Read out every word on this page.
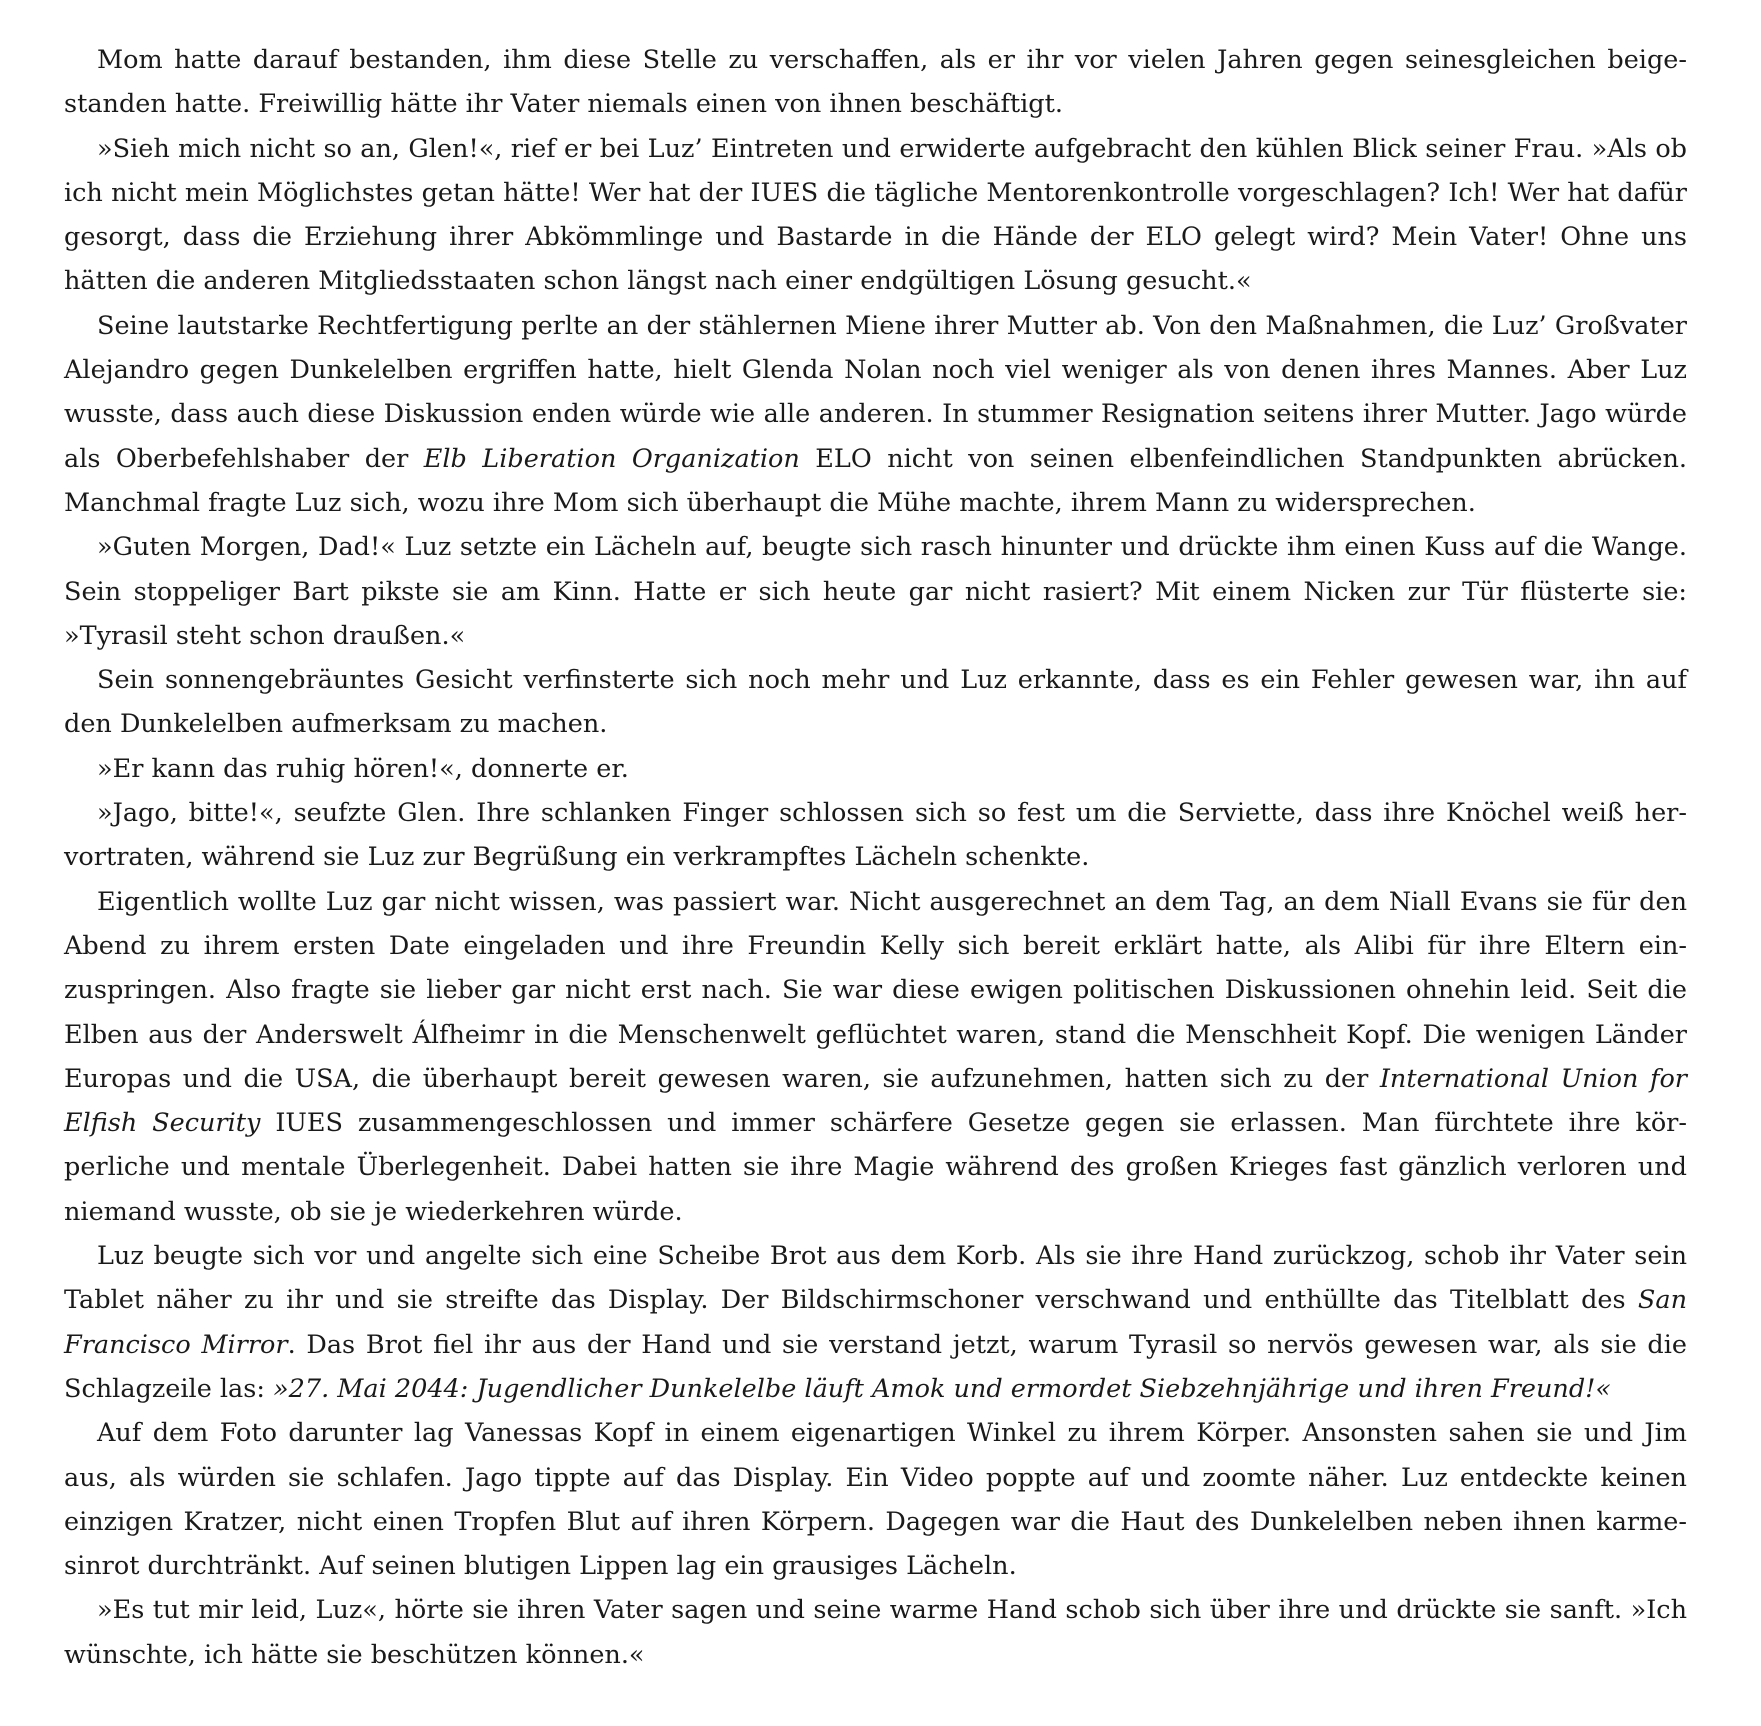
Mom hatte darauf bestanden, ihm diese Stelle zu verschaffen, als er ihr vor vielen Jahren gegen seinesgleichen beigestanden hatte. Freiwillig hätte ihr Vater niemals einen von ihnen beschäftigt.

»Sieh mich nicht so an, Glen!«, rief er bei Luz’ Eintreten und erwiderte aufgebracht den kühlen Blick seiner Frau. »Als ob ich nicht mein Möglichstes getan hätte! Wer hat der IUES die tägliche Mentorenkontrolle vorgeschlagen? Ich! Wer hat dafür gesorgt, dass die Erziehung ihrer Abkömmlinge und Bastarde in die Hände der ELO gelegt wird? Mein Vater! Ohne uns hätten die anderen Mitgliedsstaaten schon längst nach einer endgültigen Lösung gesucht.«

Seine lautstarke Rechtfertigung perlte an der stählernen Miene ihrer Mutter ab. Von den Maßnahmen, die Luz’ Großvater Alejandro gegen Dunkelelben ergriffen hatte, hielt Glenda Nolan noch viel weniger als von denen ihres Mannes. Aber Luz wusste, dass auch diese Diskussion enden würde wie alle anderen. In stummer Resignation seitens ihrer Mutter. Jago würde als Oberbefehlshaber der Elb Liberation Organization ELO nicht von seinen elbenfeindlichen Standpunkten abrücken. Manchmal fragte Luz sich, wozu ihre Mom sich überhaupt die Mühe machte, ihrem Mann zu widersprechen.

»Guten Morgen, Dad!« Luz setzte ein Lächeln auf, beugte sich rasch hinunter und drückte ihm einen Kuss auf die Wange. Sein stoppeliger Bart pikste sie am Kinn. Hatte er sich heute gar nicht rasiert? Mit einem Nicken zur Tür flüsterte sie: »Tyrasil steht schon draußen.«

Sein sonnengebräuntes Gesicht verfinsterte sich noch mehr und Luz erkannte, dass es ein Fehler gewesen war, ihn auf den Dunkelelben aufmerksam zu machen.

»Er kann das ruhig hören!«, donnerte er.

»Jago, bitte!«, seufzte Glen. Ihre schlanken Finger schlossen sich so fest um die Serviette, dass ihre Knöchel weiß hervortraten, während sie Luz zur Begrüßung ein verkrampftes Lächeln schenkte.

Eigentlich wollte Luz gar nicht wissen, was passiert war. Nicht ausgerechnet an dem Tag, an dem Niall Evans sie für den Abend zu ihrem ersten Date eingeladen und ihre Freundin Kelly sich bereit erklärt hatte, als Alibi für ihre Eltern einzuspringen. Also fragte sie lieber gar nicht erst nach. Sie war diese ewigen politischen Diskussionen ohnehin leid. Seit die Elben aus der Anderswelt Álfheimr in die Menschenwelt geflüchtet waren, stand die Menschheit Kopf. Die wenigen Länder Europas und die USA, die überhaupt bereit gewesen waren, sie aufzunehmen, hatten sich zu der International Union for Elfish Security IUES zusammengeschlossen und immer schärfere Gesetze gegen sie erlassen. Man fürchtete ihre körperliche und mentale Überlegenheit. Dabei hatten sie ihre Magie während des großen Krieges fast gänzlich verloren und niemand wusste, ob sie je wiederkehren würde.

Luz beugte sich vor und angelte sich eine Scheibe Brot aus dem Korb. Als sie ihre Hand zurückzog, schob ihr Vater sein Tablet näher zu ihr und sie streifte das Display. Der Bildschirmschoner verschwand und enthüllte das Titelblatt des San Francisco Mirror. Das Brot fiel ihr aus der Hand und sie verstand jetzt, warum Tyrasil so nervös gewesen war, als sie die Schlagzeile las: »27. Mai 2044: Jugendlicher Dunkelelbe läuft Amok und ermordet Siebzehnjährige und ihren Freund!«

Auf dem Foto darunter lag Vanessas Kopf in einem eigenartigen Winkel zu ihrem Körper. Ansonsten sahen sie und Jim aus, als würden sie schlafen. Jago tippte auf das Display. Ein Video poppte auf und zoomte näher. Luz entdeckte keinen einzigen Kratzer, nicht einen Tropfen Blut auf ihren Körpern. Dagegen war die Haut des Dunkelelben neben ihnen karmesinrot durchtränkt. Auf seinen blutigen Lippen lag ein grausiges Lächeln.

»Es tut mir leid, Luz«, hörte sie ihren Vater sagen und seine warme Hand schob sich über ihre und drückte sie sanft. »Ich wünschte, ich hätte sie beschützen können.«
